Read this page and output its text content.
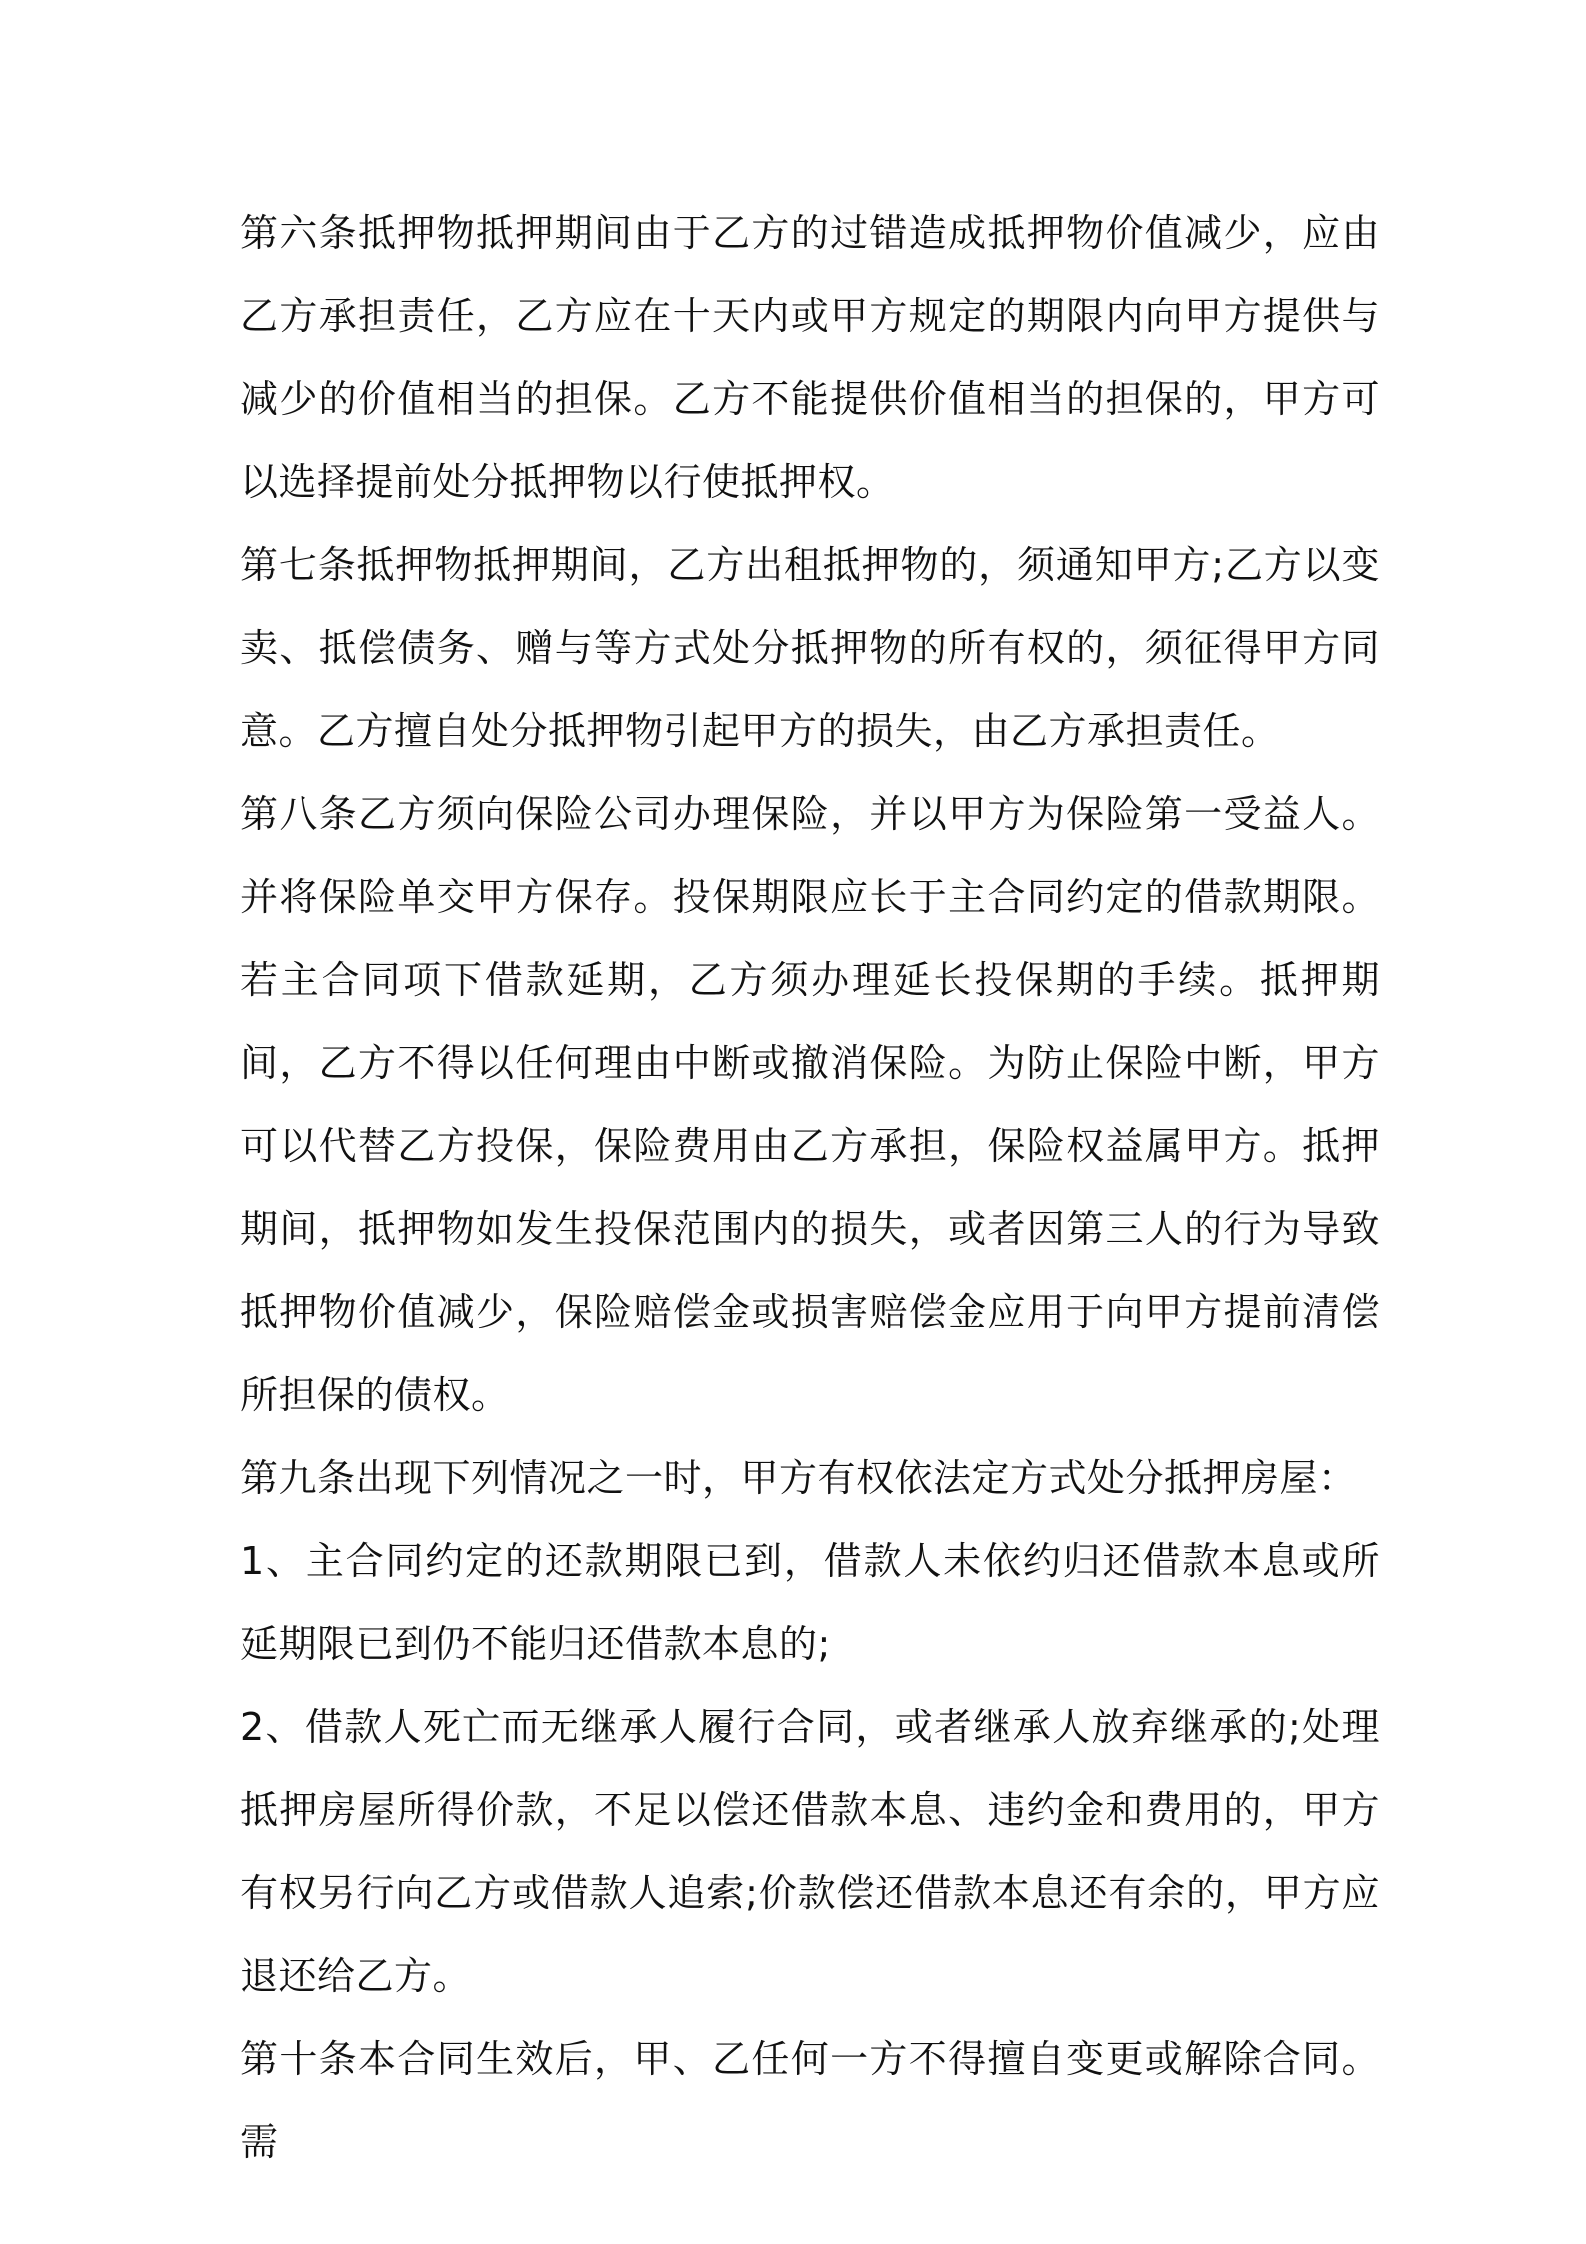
第六条抵押物抵押期间由于乙方的过错造成抵押物价值减少，应由乙方承担责任，乙方应在十天内或甲方规定的期限内向甲方提供与减少的价值相当的担保。乙方不能提供价值相当的担保的，甲方可以选择提前处分抵押物以行使抵押权。

第七条抵押物抵押期间，乙方出租抵押物的，须通知甲方;乙方以变卖、抵偿债务、赠与等方式处分抵押物的所有权的，须征得甲方同意。乙方擅自处分抵押物引起甲方的损失，由乙方承担责任。

第八条乙方须向保险公司办理保险，并以甲方为保险第一受益人。并将保险单交甲方保存。投保期限应长于主合同约定的借款期限。若主合同项下借款延期，乙方须办理延长投保期的手续。抵押期间，乙方不得以任何理由中断或撤消保险。为防止保险中断，甲方可以代替乙方投保，保险费用由乙方承担，保险权益属甲方。抵押期间，抵押物如发生投保范围内的损失，或者因第三人的行为导致抵押物价值减少，保险赔偿金或损害赔偿金应用于向甲方提前清偿所担保的债权。

第九条出现下列情况之一时，甲方有权依法定方式处分抵押房屋：

1、主合同约定的还款期限已到，借款人未依约归还借款本息或所延期限已到仍不能归还借款本息的;

2、借款人死亡而无继承人履行合同，或者继承人放弃继承的;处理抵押房屋所得价款，不足以偿还借款本息、违约金和费用的，甲方有权另行向乙方或借款人追索;价款偿还借款本息还有余的，甲方应退还给乙方。

第十条本合同生效后，甲、乙任何一方不得擅自变更或解除合同。需
